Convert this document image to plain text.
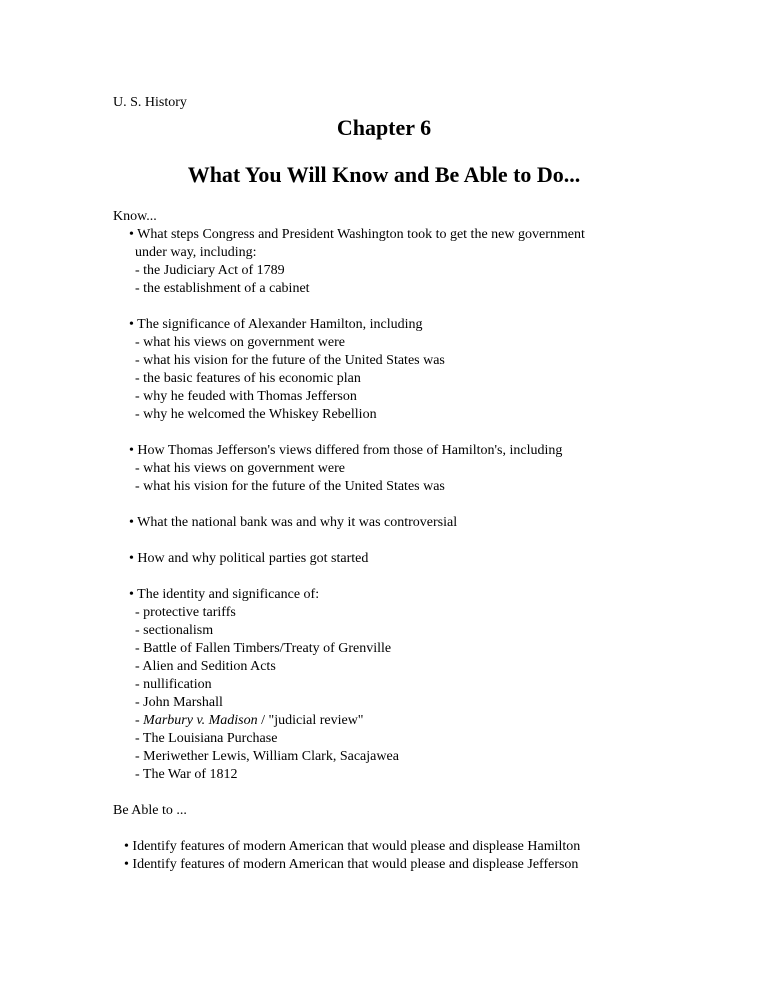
U. S. History

Chapter 6
What You Will Know and Be Able to Do...

Know...

• What steps Congress and President Washington took to get the new government
under way, including:
- the Judiciary Act of 1789
- the establishment of a cabinet
• The significance of Alexander Hamilton, including
- what his views on government were
- what his vision for the future of the United States was
- the basic features of his economic plan
- why he feuded with Thomas Jefferson
- why he welcomed the Whiskey Rebellion
• How Thomas Jefferson's views differed from those of Hamilton's, including
- what his views on government were
- what his vision for the future of the United States was
• What the national bank was and why it was controversial
• How and why political parties got started
• The identity and significance of:
- protective tariffs
- sectionalism
- Battle of Fallen Timbers/Treaty of Grenville
- Alien and Sedition Acts
- nullification
- John Marshall
- Marbury v. Madison / "judicial review"
- The Louisiana Purchase
- Meriwether Lewis, William Clark, Sacajawea
- The War of 1812

Be Able to ...

• Identify features of modern American that would please and displease Hamilton
• Identify features of modern American that would please and displease Jefferson
